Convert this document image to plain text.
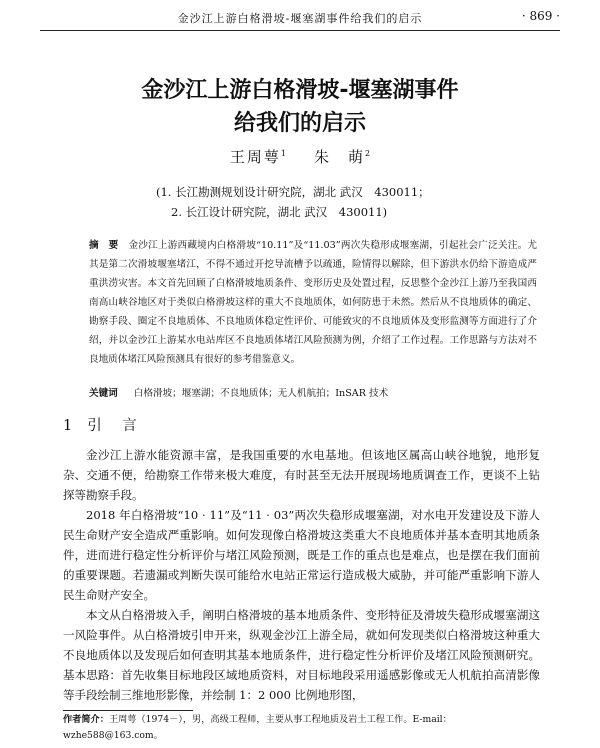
金沙江上游白格滑坡-堰塞湖事件给我们的启示	· 869 ·
金沙江上游白格滑坡-堰塞湖事件
给我们的启示
王周萼$^1$ 朱　萌$^2$
(1. 长江勘测规划设计研究院，湖北 武汉　430011；
2. 长江设计研究院，湖北 武汉　430011)
摘　要 金沙江上游西藏境内白格滑坡“10.11”及“11.03”两次失稳形成堰塞湖，引起社会广泛关注。尤其是第二次滑坡堰塞堵江，不得不通过开挖导流槽予以疏通，险情得以解除，但下游洪水仍给下游造成严重洪涝灾害。本文首先回顾了白格滑坡地质条件、变形历史及处置过程，反思整个金沙江上游乃至我国西南高山峡谷地区对于类似白格滑坡这样的重大不良地质体，如何防患于未然。然后从不良地质体的确定、勘察手段、圈定不良地质体、不良地质体稳定性评价、可能致灾的不良地质体及变形监测等方面进行了介绍，并以金沙江上游某水电站库区不良地质体堵江风险预测为例，介绍了工作过程。工作思路与方法对不良地质体堵江风险预测具有很好的参考借鉴意义。
关键词 白格滑坡；堰塞湖；不良地质体；无人机航拍；InSAR 技术
1 引　言

金沙江上游水能资源丰富，是我国重要的水电基地。但该地区属高山峡谷地貌，地形复杂、交通不便，给勘察工作带来极大难度，有时甚至无法开展现场地质调查工作，更谈不上钻探等勘察手段。

2018 年白格滑坡“10 · 11”及“11 · 03”两次失稳形成堰塞湖，对水电开发建设及下游人民生命财产安全造成严重影响。如何发现像白格滑坡这类重大不良地质体并基本查明其地质条件，进而进行稳定性分析评价与堵江风险预测，既是工作的重点也是难点，也是摆在我们面前的重要课题。若遗漏或判断失误可能给水电站正常运行造成极大威胁，并可能严重影响下游人民生命财产安全。

本文从白格滑坡入手，阐明白格滑坡的基本地质条件、变形特征及滑坡失稳形成堰塞湖这一风险事件。从白格滑坡引申开来，纵观金沙江上游全局，就如何发现类似白格滑坡这种重大不良地质体以及发现后如何查明其基本地质条件，进行稳定性分析评价及堵江风险预测研究。基本思路：首先收集目标地段区域地质资料，对目标地段采用遥感影像或无人机航拍高清影像等手段绘制三维地形影像，并绘制 1：2 000 比例地形图，

作者简介：王周萼（1974－），男，高级工程师，主要从事工程地质及岩土工程工作。E-mail：wzhe588@163.com。
